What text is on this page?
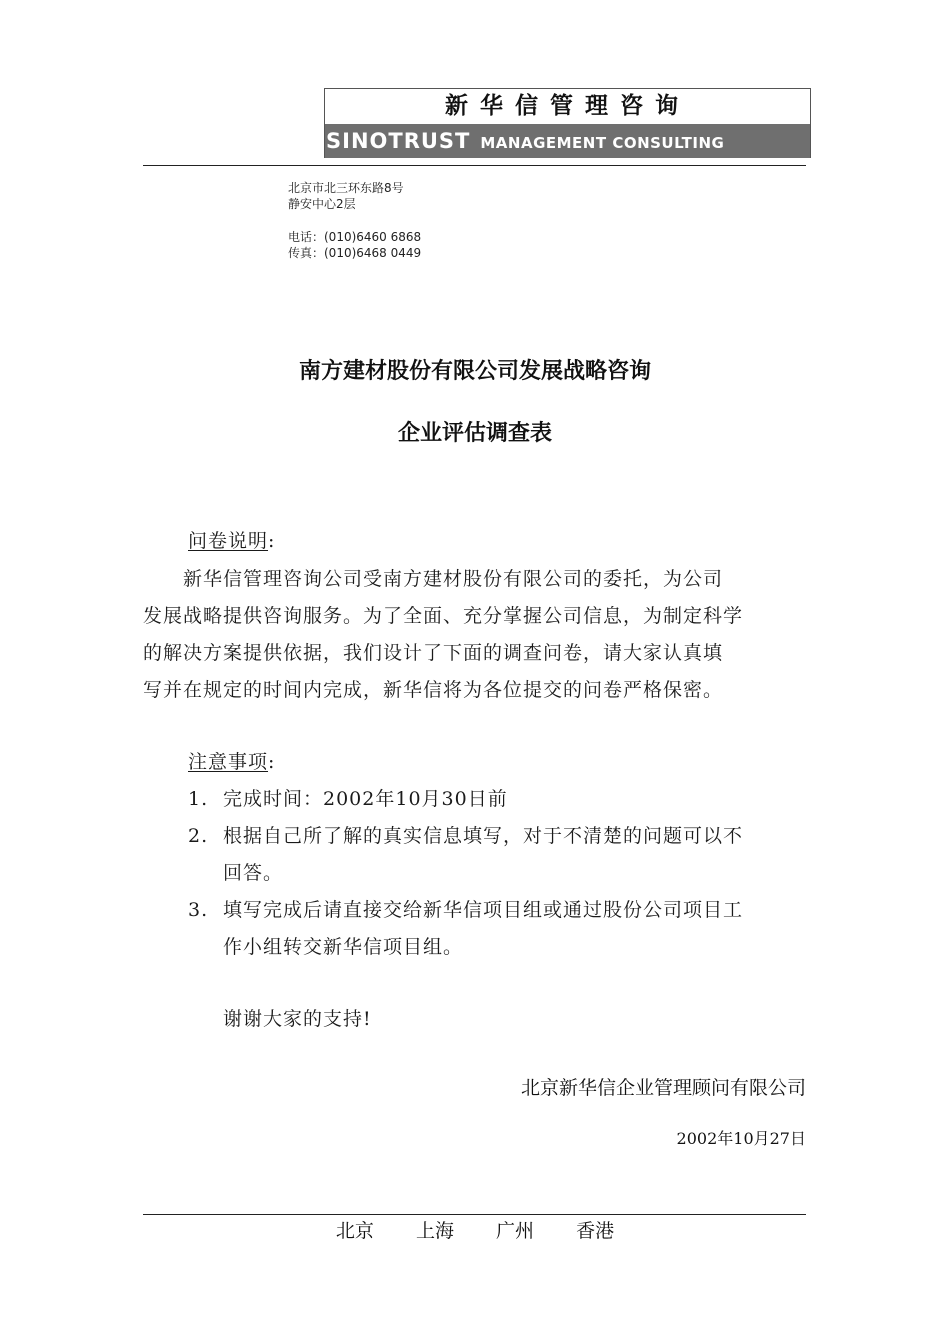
新华信管理咨询
SINOTRUST MANAGEMENT CONSULTING
北京市北三环东路8号
静安中心2层
电话：(010)6460 6868
传真：(010)6468 0449
南方建材股份有限公司发展战略咨询
企业评估调查表
问卷说明:
　　新华信管理咨询公司受南方建材股份有限公司的委托，为公司
发展战略提供咨询服务。为了全面、充分掌握公司信息，为制定科学
的解决方案提供依据，我们设计了下面的调查问卷，请大家认真填
写并在规定的时间内完成，新华信将为各位提交的问卷严格保密。
注意事项:
1. 完成时间：2002年10月30日前
2. 根据自己所了解的真实信息填写，对于不清楚的问题可以不
回答。
3. 填写完成后请直接交给新华信项目组或通过股份公司项目工
作小组转交新华信项目组。
谢谢大家的支持!
北京新华信企业管理顾问有限公司
2002年10月27日
北京 上海 广州 香港
